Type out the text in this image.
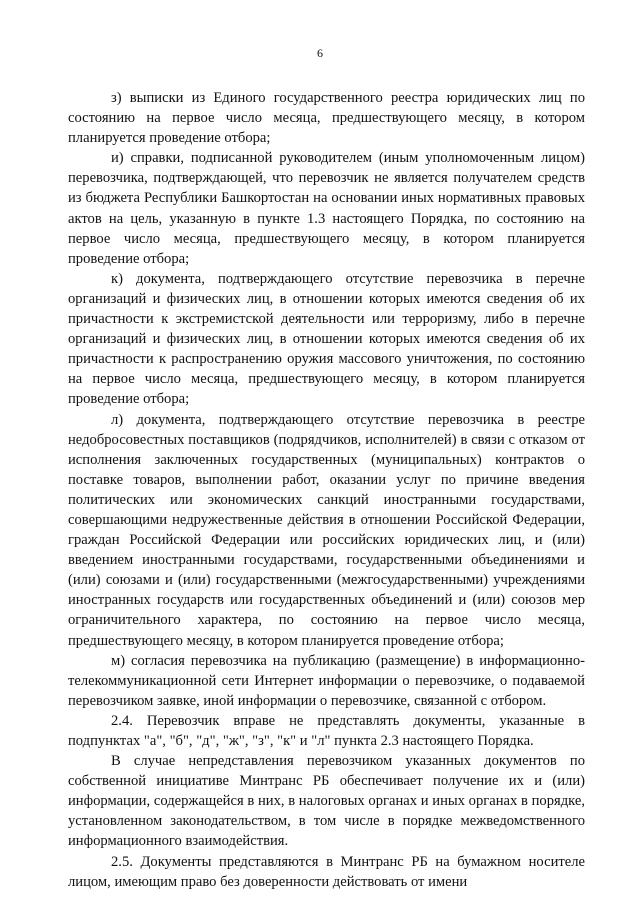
6

з) выписки из Единого государственного реестра юридических лиц по состоянию на первое число месяца, предшествующего месяцу, в котором планируется проведение отбора;

и) справки, подписанной руководителем (иным уполномоченным лицом) перевозчика, подтверждающей, что перевозчик не является получателем средств из бюджета Республики Башкортостан на основании иных нормативных правовых актов на цель, указанную в пункте 1.3 настоящего Порядка, по состоянию на первое число месяца, предшествующего месяцу, в котором планируется проведение отбора;

к) документа, подтверждающего отсутствие перевозчика в перечне организаций и физических лиц, в отношении которых имеются сведения об их причастности к экстремистской деятельности или терроризму, либо в перечне организаций и физических лиц, в отношении которых имеются сведения об их причастности к распространению оружия массового уничтожения, по состоянию на первое число месяца, предшествующего месяцу, в котором планируется проведение отбора;

л) документа, подтверждающего отсутствие перевозчика в реестре недобросовестных поставщиков (подрядчиков, исполнителей) в связи с отказом от исполнения заключенных государственных (муниципальных) контрактов о поставке товаров, выполнении работ, оказании услуг по причине введения политических или экономических санкций иностранными государствами, совершающими недружественные действия в отношении Российской Федерации, граждан Российской Федерации или российских юридических лиц, и (или) введением иностранными государствами, государственными объединениями и (или) союзами и (или) государственными (межгосударственными) учреждениями иностранных государств или государственных объединений и (или) союзов мер ограничительного характера, по состоянию на первое число месяца, предшествующего месяцу, в котором планируется проведение отбора;

м) согласия перевозчика на публикацию (размещение) в информационно-телекоммуникационной сети Интернет информации о перевозчике, о подаваемой перевозчиком заявке, иной информации о перевозчике, связанной с отбором.

2.4. Перевозчик вправе не представлять документы, указанные в подпунктах "а", "б", "д", "ж", "з", "к" и "л" пункта 2.3 настоящего Порядка.

В случае непредставления перевозчиком указанных документов по собственной инициативе Минтранс РБ обеспечивает получение их и (или) информации, содержащейся в них, в налоговых органах и иных органах в порядке, установленном законодательством, в том числе в порядке межведомственного информационного взаимодействия.

2.5. Документы представляются в Минтранс РБ на бумажном носителе лицом, имеющим право без доверенности действовать от имени
